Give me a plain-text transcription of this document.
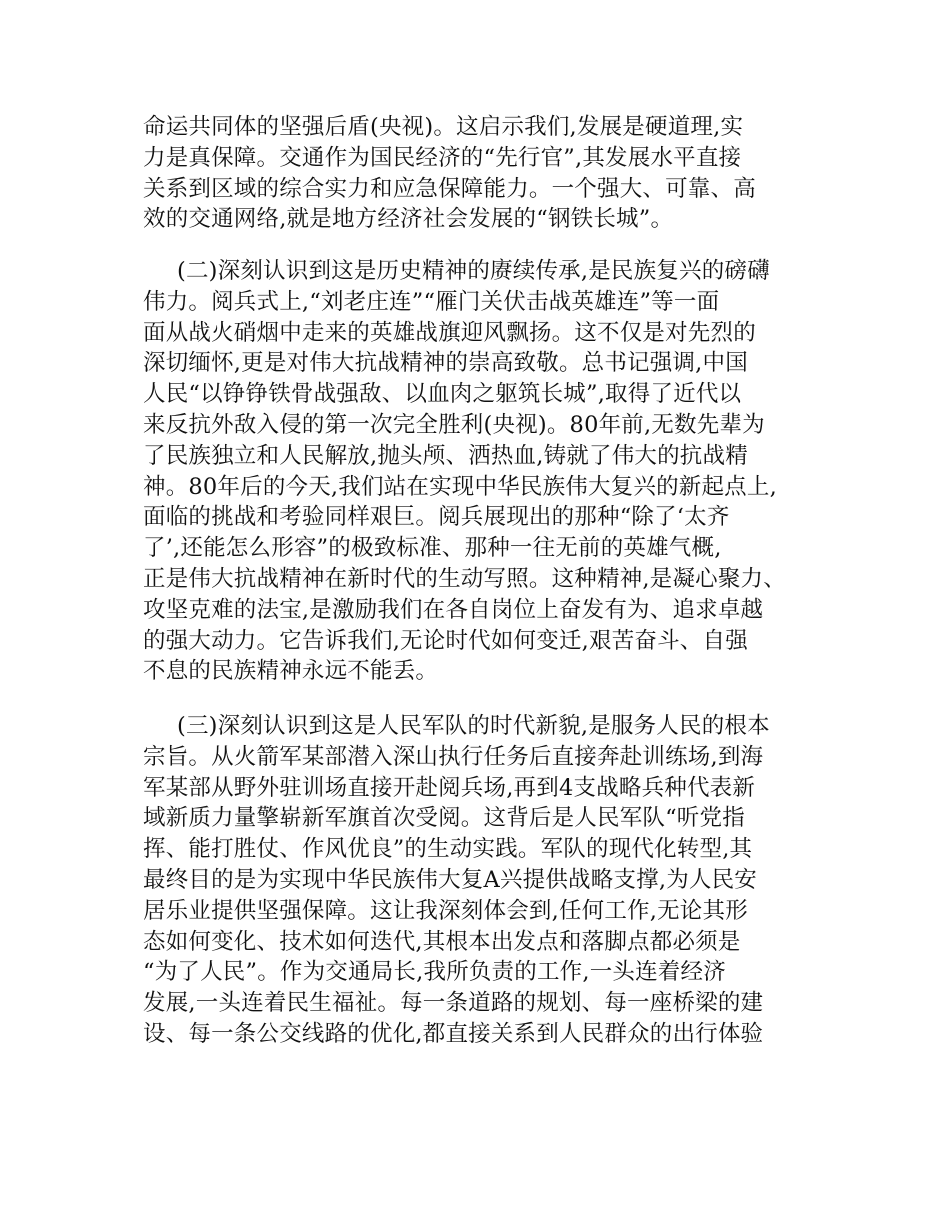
命运共同体的坚强后盾(央视)。这启示我们,发展是硬道理,实
力是真保障。交通作为国民经济的“先行官”,其发展水平直接
关系到区域的综合实力和应急保障能力。一个强大、可靠、高
效的交通网络,就是地方经济社会发展的“钢铁长城”。
(二)深刻认识到这是历史精神的赓续传承,是民族复兴的磅礴
伟力。阅兵式上,“刘老庄连”“雁门关伏击战英雄连”等一面
面从战火硝烟中走来的英雄战旗迎风飘扬。这不仅是对先烈的
深切缅怀,更是对伟大抗战精神的崇高致敬。总书记强调,中国
人民“以铮铮铁骨战强敌、以血肉之躯筑长城”,取得了近代以
来反抗外敌入侵的第一次完全胜利(央视)。80年前,无数先辈为
了民族独立和人民解放,抛头颅、洒热血,铸就了伟大的抗战精
神。80年后的今天,我们站在实现中华民族伟大复兴的新起点上,
面临的挑战和考验同样艰巨。阅兵展现出的那种“除了‘太齐
了’,还能怎么形容”的极致标准、那种一往无前的英雄气概,
正是伟大抗战精神在新时代的生动写照。这种精神,是凝心聚力、
攻坚克难的法宝,是激励我们在各自岗位上奋发有为、追求卓越
的强大动力。它告诉我们,无论时代如何变迁,艰苦奋斗、自强
不息的民族精神永远不能丢。
(三)深刻认识到这是人民军队的时代新貌,是服务人民的根本
宗旨。从火箭军某部潜入深山执行任务后直接奔赴训练场,到海
军某部从野外驻训场直接开赴阅兵场,再到4支战略兵种代表新
域新质力量擎崭新军旗首次受阅。这背后是人民军队“听党指
挥、能打胜仗、作风优良”的生动实践。军队的现代化转型,其
最终目的是为实现中华民族伟大复A兴提供战略支撑,为人民安
居乐业提供坚强保障。这让我深刻体会到,任何工作,无论其形
态如何变化、技术如何迭代,其根本出发点和落脚点都必须是
“为了人民”。作为交通局长,我所负责的工作,一头连着经济
发展,一头连着民生福祉。每一条道路的规划、每一座桥梁的建
设、每一条公交线路的优化,都直接关系到人民群众的出行体验
